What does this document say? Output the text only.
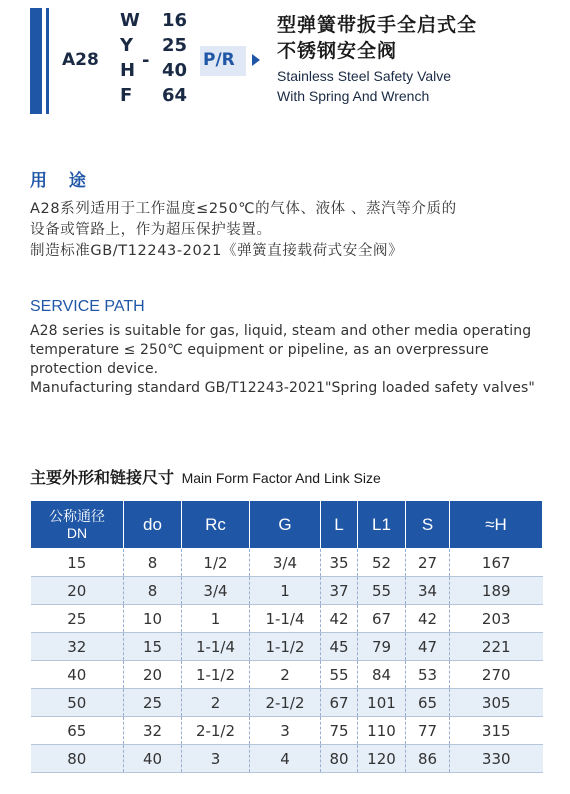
A28
W
Y
H
F
-
16
25
40
64
P/R
型弹簧带扳手全启式全
不锈钢安全阀
Stainless Steel Safety Valve
With Spring And Wrench
用 途
A28系列适用于工作温度≤250℃的气体、液体 、蒸汽等介质的
设备或管路上，作为超压保护装置。
制造标准GB/T12243-2021《弹簧直接载荷式安全阀》
SERVICE PATH
A28 series is suitable for gas, liquid, steam and other media operating
temperature ≤ 250℃ equipment or pipeline, as an overpressure
protection device.
Manufacturing standard GB/T12243-2021"Spring loaded safety valves"
主要外形和链接尺寸 Main Form Factor And Link Size
公称通径
DN	do	Rc	G	L	L1	S	≈H
15	8	1/2	3/4	35	52	27	167
20	8	3/4	1	37	55	34	189
25	10	1	1-1/4	42	67	42	203
32	15	1-1/4	1-1/2	45	79	47	221
40	20	1-1/2	2	55	84	53	270
50	25	2	2-1/2	67	101	65	305
65	32	2-1/2	3	75	110	77	315
80	40	3	4	80	120	86	330
